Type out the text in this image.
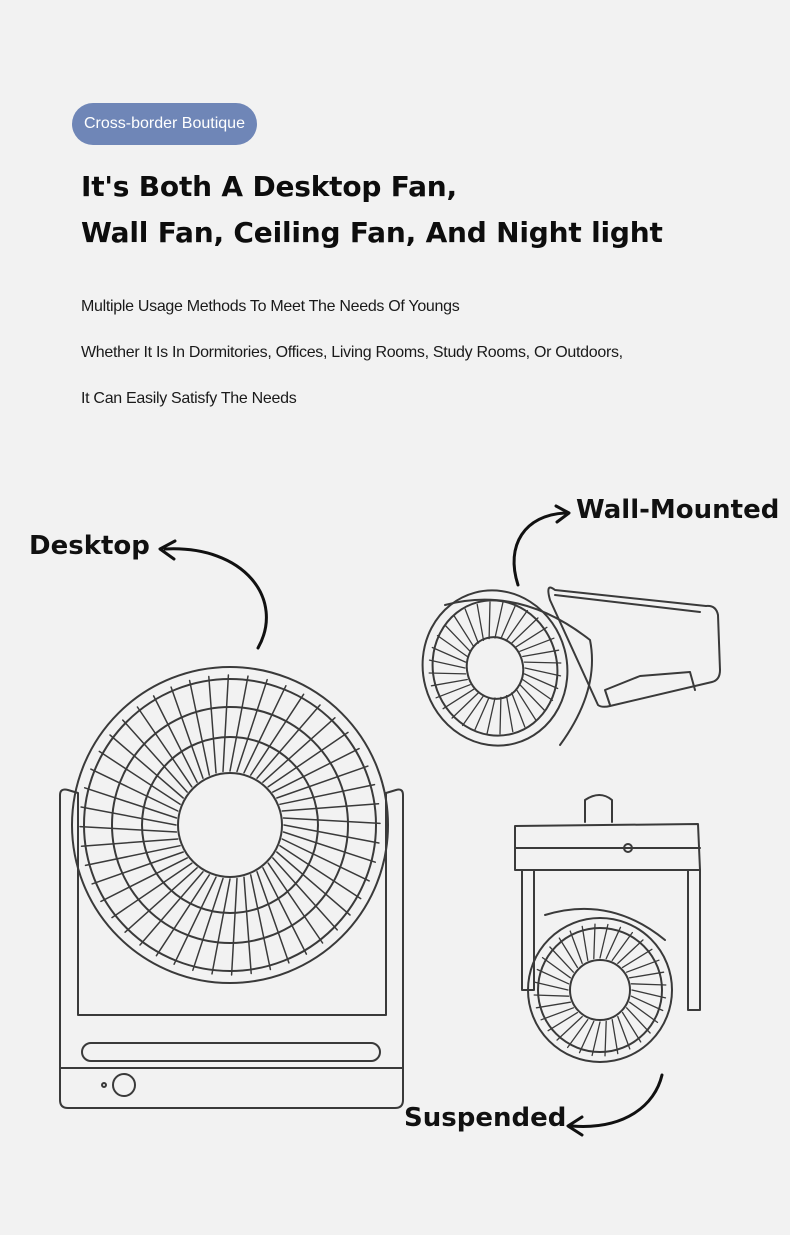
Cross-border Boutique
It's Both A Desktop Fan,
Wall Fan, Ceiling Fan, And Night light

Multiple Usage Methods To Meet The Needs Of Youngs

Whether It Is In Dormitories, Offices, Living Rooms, Study Rooms, Or Outdoors,

It Can Easily Satisfy The Needs

Desktop
Wall-Mounted
Suspended
